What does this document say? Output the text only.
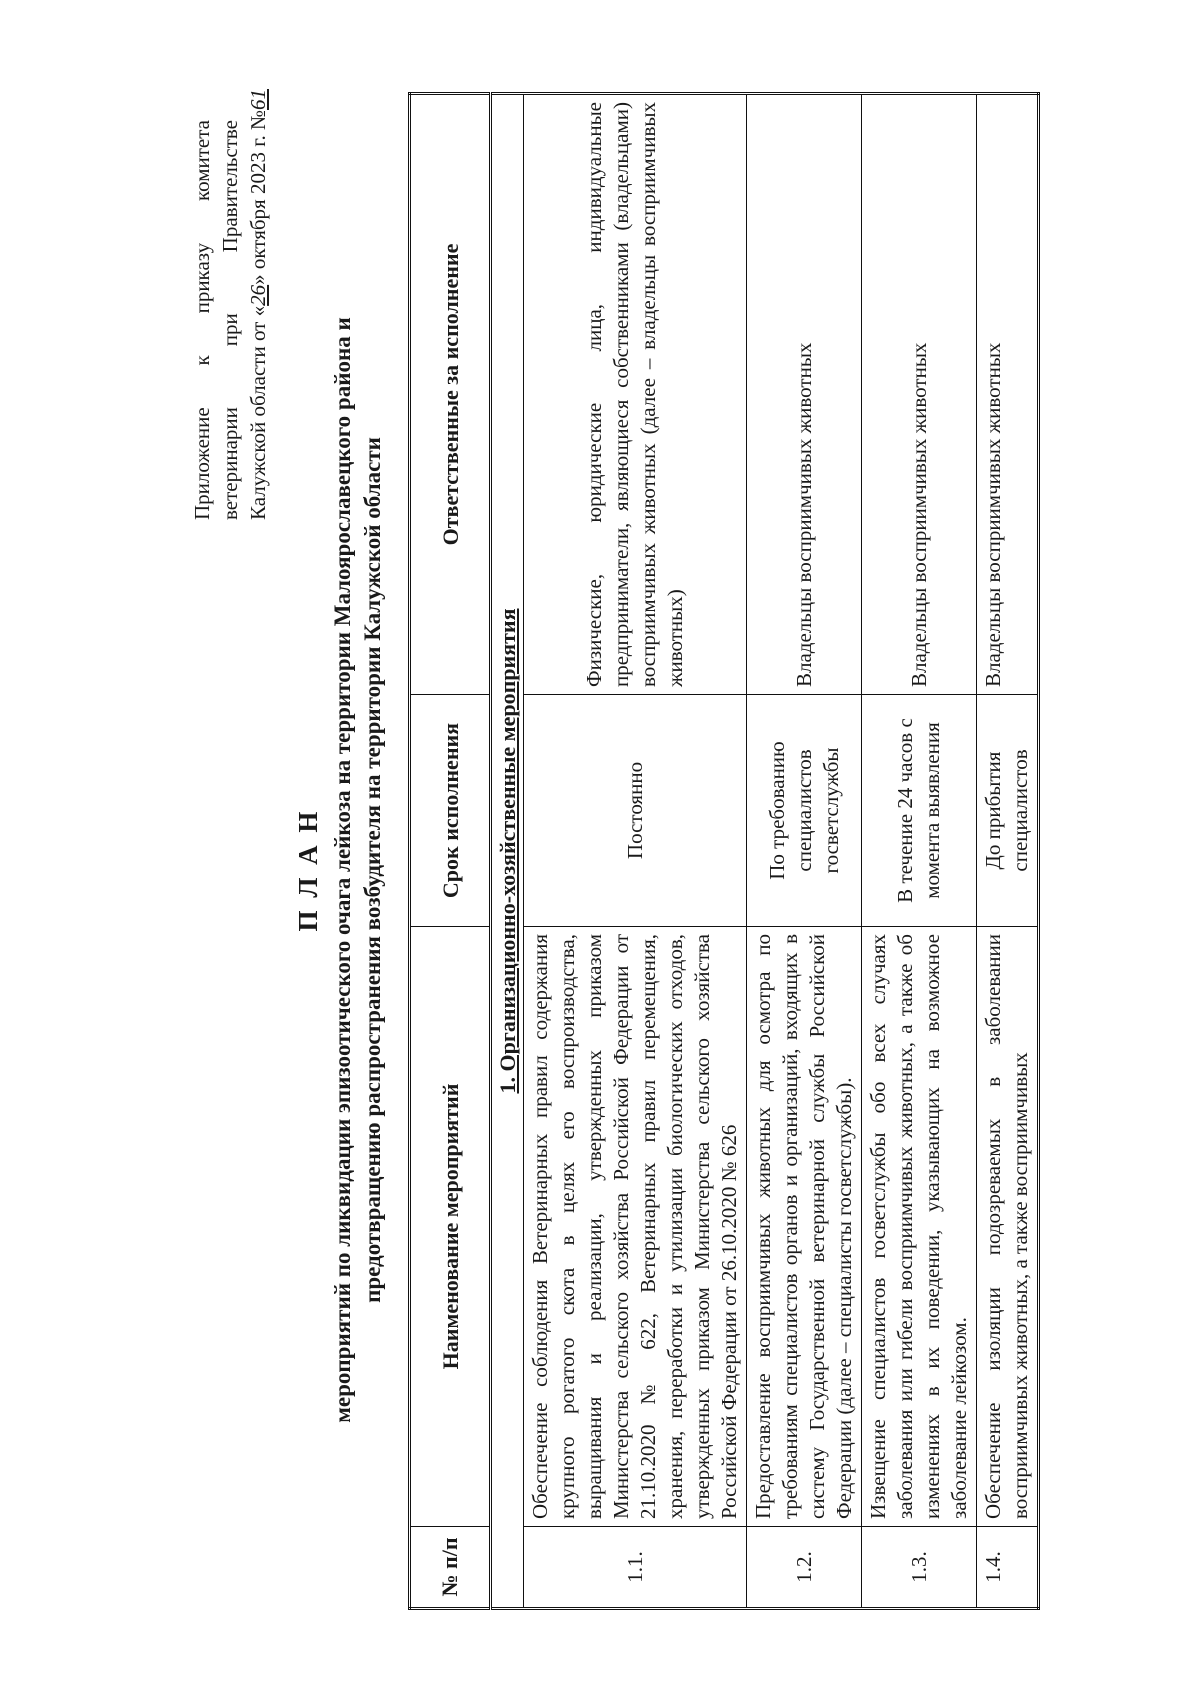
Приложение
к
приказу
комитета
ветеринарии
при
Правительстве
Калужской области от «26» октября 2023 г. №61
П Л А Н мероприятий по ликвидации эпизоотического очага лейкоза на территории Малоярославецкого района и предотвращению распространения возбудителя на территории Калужской области
№ п/п	Наименование мероприятий	Срок исполнения	Ответственные за исполнение
1. Организационно-хозяйственные мероприятия			
1.1.	Обеспечение соблюдения Ветеринарных правил содержания крупного рогатого скота в целях его воспроизводства, выращивания и реализации, утвержденных приказом Министерства сельского хозяйства Российской Федерации от 21.10.2020 № 622, Ветеринарных правил перемещения, хранения, переработки и утилизации биологических отходов, утвержденных приказом Министерства сельского хозяйства Российской Федерации от 26.10.2020 № 626	Постоянно	Физические, юридические лица, индивидуальные предприниматели, являющиеся собственниками (владельцами) восприимчивых животных (далее – владельцы восприимчивых животных)
1.2.	Предоставление восприимчивых животных для осмотра по требованиям специалистов органов и организаций, входящих в систему Государственной ветеринарной службы Российской Федерации (далее – специалисты госветслужбы).	По требованию специалистов госветслужбы	Владельцы восприимчивых животных
1.3.	Извещение специалистов госветслужбы обо всех случаях заболевания или гибели восприимчивых животных, а также об изменениях в их поведении, указывающих на возможное заболевание лейкозом.	В течение 24 часов с момента выявления	Владельцы восприимчивых животных
1.4.	Обеспечение изоляции подозреваемых в заболевании восприимчивых животных, а также восприимчивых	До прибытия специалистов	Владельцы восприимчивых животных
